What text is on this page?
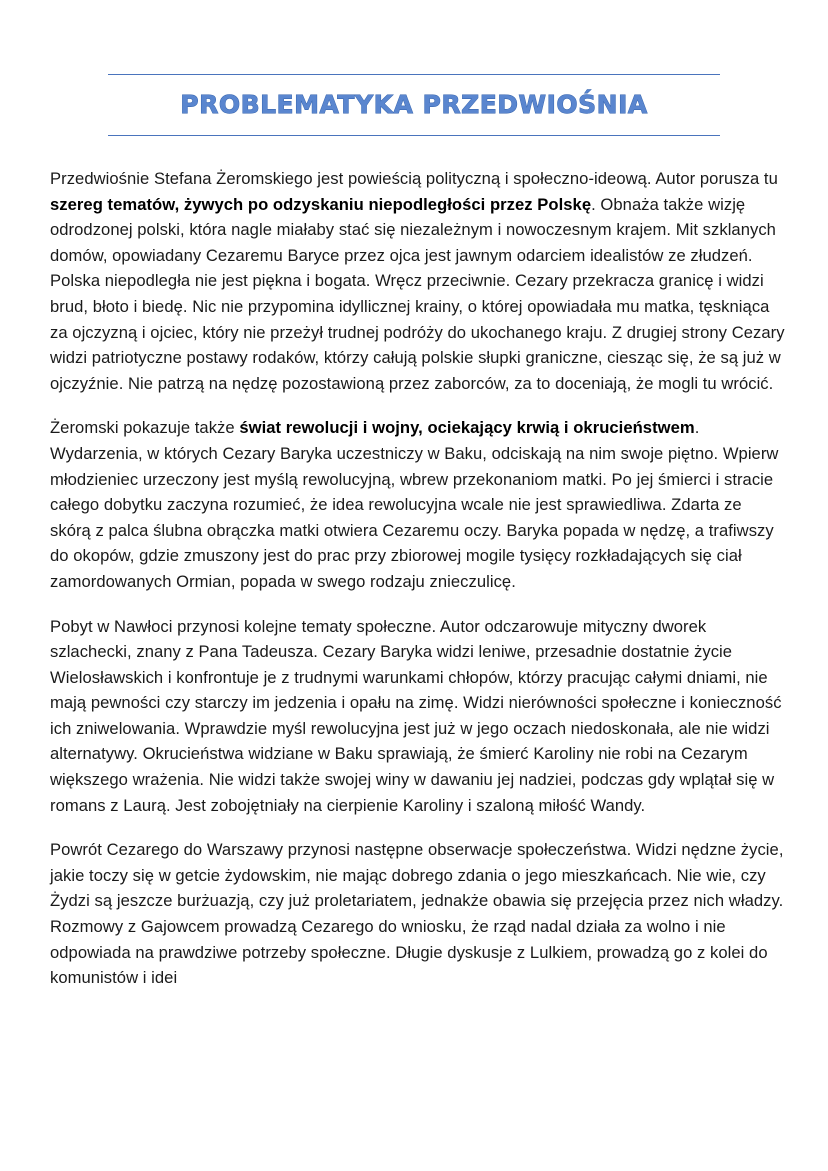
PROBLEMATYKA PRZEDWIOŚNIA

Przedwiośnie Stefana Żeromskiego jest powieścią polityczną i społeczno-ideową. Autor porusza tu szereg tematów, żywych po odzyskaniu niepodległości przez Polskę. Obnaża także wizję odrodzonej polski, która nagle miałaby stać się niezależnym i nowoczesnym krajem. Mit szklanych domów, opowiadany Cezaremu Baryce przez ojca jest jawnym odarciem idealistów ze złudzeń. Polska niepodległa nie jest piękna i bogata. Wręcz przeciwnie. Cezary przekracza granicę i widzi brud, błoto i biedę. Nic nie przypomina idyllicznej krainy, o której opowiadała mu matka, tęskniąca za ojczyzną i ojciec, który nie przeżył trudnej podróży do ukochanego kraju. Z drugiej strony Cezary widzi patriotyczne postawy rodaków, którzy całują polskie słupki graniczne, ciesząc się, że są już w ojczyźnie. Nie patrzą na nędzę pozostawioną przez zaborców, za to doceniają, że mogli tu wrócić.

Żeromski pokazuje także świat rewolucji i wojny, ociekający krwią i okrucieństwem. Wydarzenia, w których Cezary Baryka uczestniczy w Baku, odciskają na nim swoje piętno. Wpierw młodzieniec urzeczony jest myślą rewolucyjną, wbrew przekonaniom matki. Po jej śmierci i stracie całego dobytku zaczyna rozumieć, że idea rewolucyjna wcale nie jest sprawiedliwa. Zdarta ze skórą z palca ślubna obrączka matki otwiera Cezaremu oczy. Baryka popada w nędzę, a trafiwszy do okopów, gdzie zmuszony jest do prac przy zbiorowej mogile tysięcy rozkładających się ciał zamordowanych Ormian, popada w swego rodzaju znieczulicę.

Pobyt w Nawłoci przynosi kolejne tematy społeczne. Autor odczarowuje mityczny dworek szlachecki, znany z Pana Tadeusza. Cezary Baryka widzi leniwe, przesadnie dostatnie życie Wielosławskich i konfrontuje je z trudnymi warunkami chłopów, którzy pracując całymi dniami, nie mają pewności czy starczy im jedzenia i opału na zimę. Widzi nierówności społeczne i konieczność ich zniwelowania. Wprawdzie myśl rewolucyjna jest już w jego oczach niedoskonała, ale nie widzi alternatywy. Okrucieństwa widziane w Baku sprawiają, że śmierć Karoliny nie robi na Cezarym większego wrażenia. Nie widzi także swojej winy w dawaniu jej nadziei, podczas gdy wplątał się w romans z Laurą. Jest zobojętniały na cierpienie Karoliny i szaloną miłość Wandy.

Powrót Cezarego do Warszawy przynosi następne obserwacje społeczeństwa. Widzi nędzne życie, jakie toczy się w getcie żydowskim, nie mając dobrego zdania o jego mieszkańcach. Nie wie, czy Żydzi są jeszcze burżuazją, czy już proletariatem, jednakże obawia się przejęcia przez nich władzy. Rozmowy z Gajowcem prowadzą Cezarego do wniosku, że rząd nadal działa za wolno i nie odpowiada na prawdziwe potrzeby społeczne. Długie dyskusje z Lulkiem, prowadzą go z kolei do komunistów i idei
